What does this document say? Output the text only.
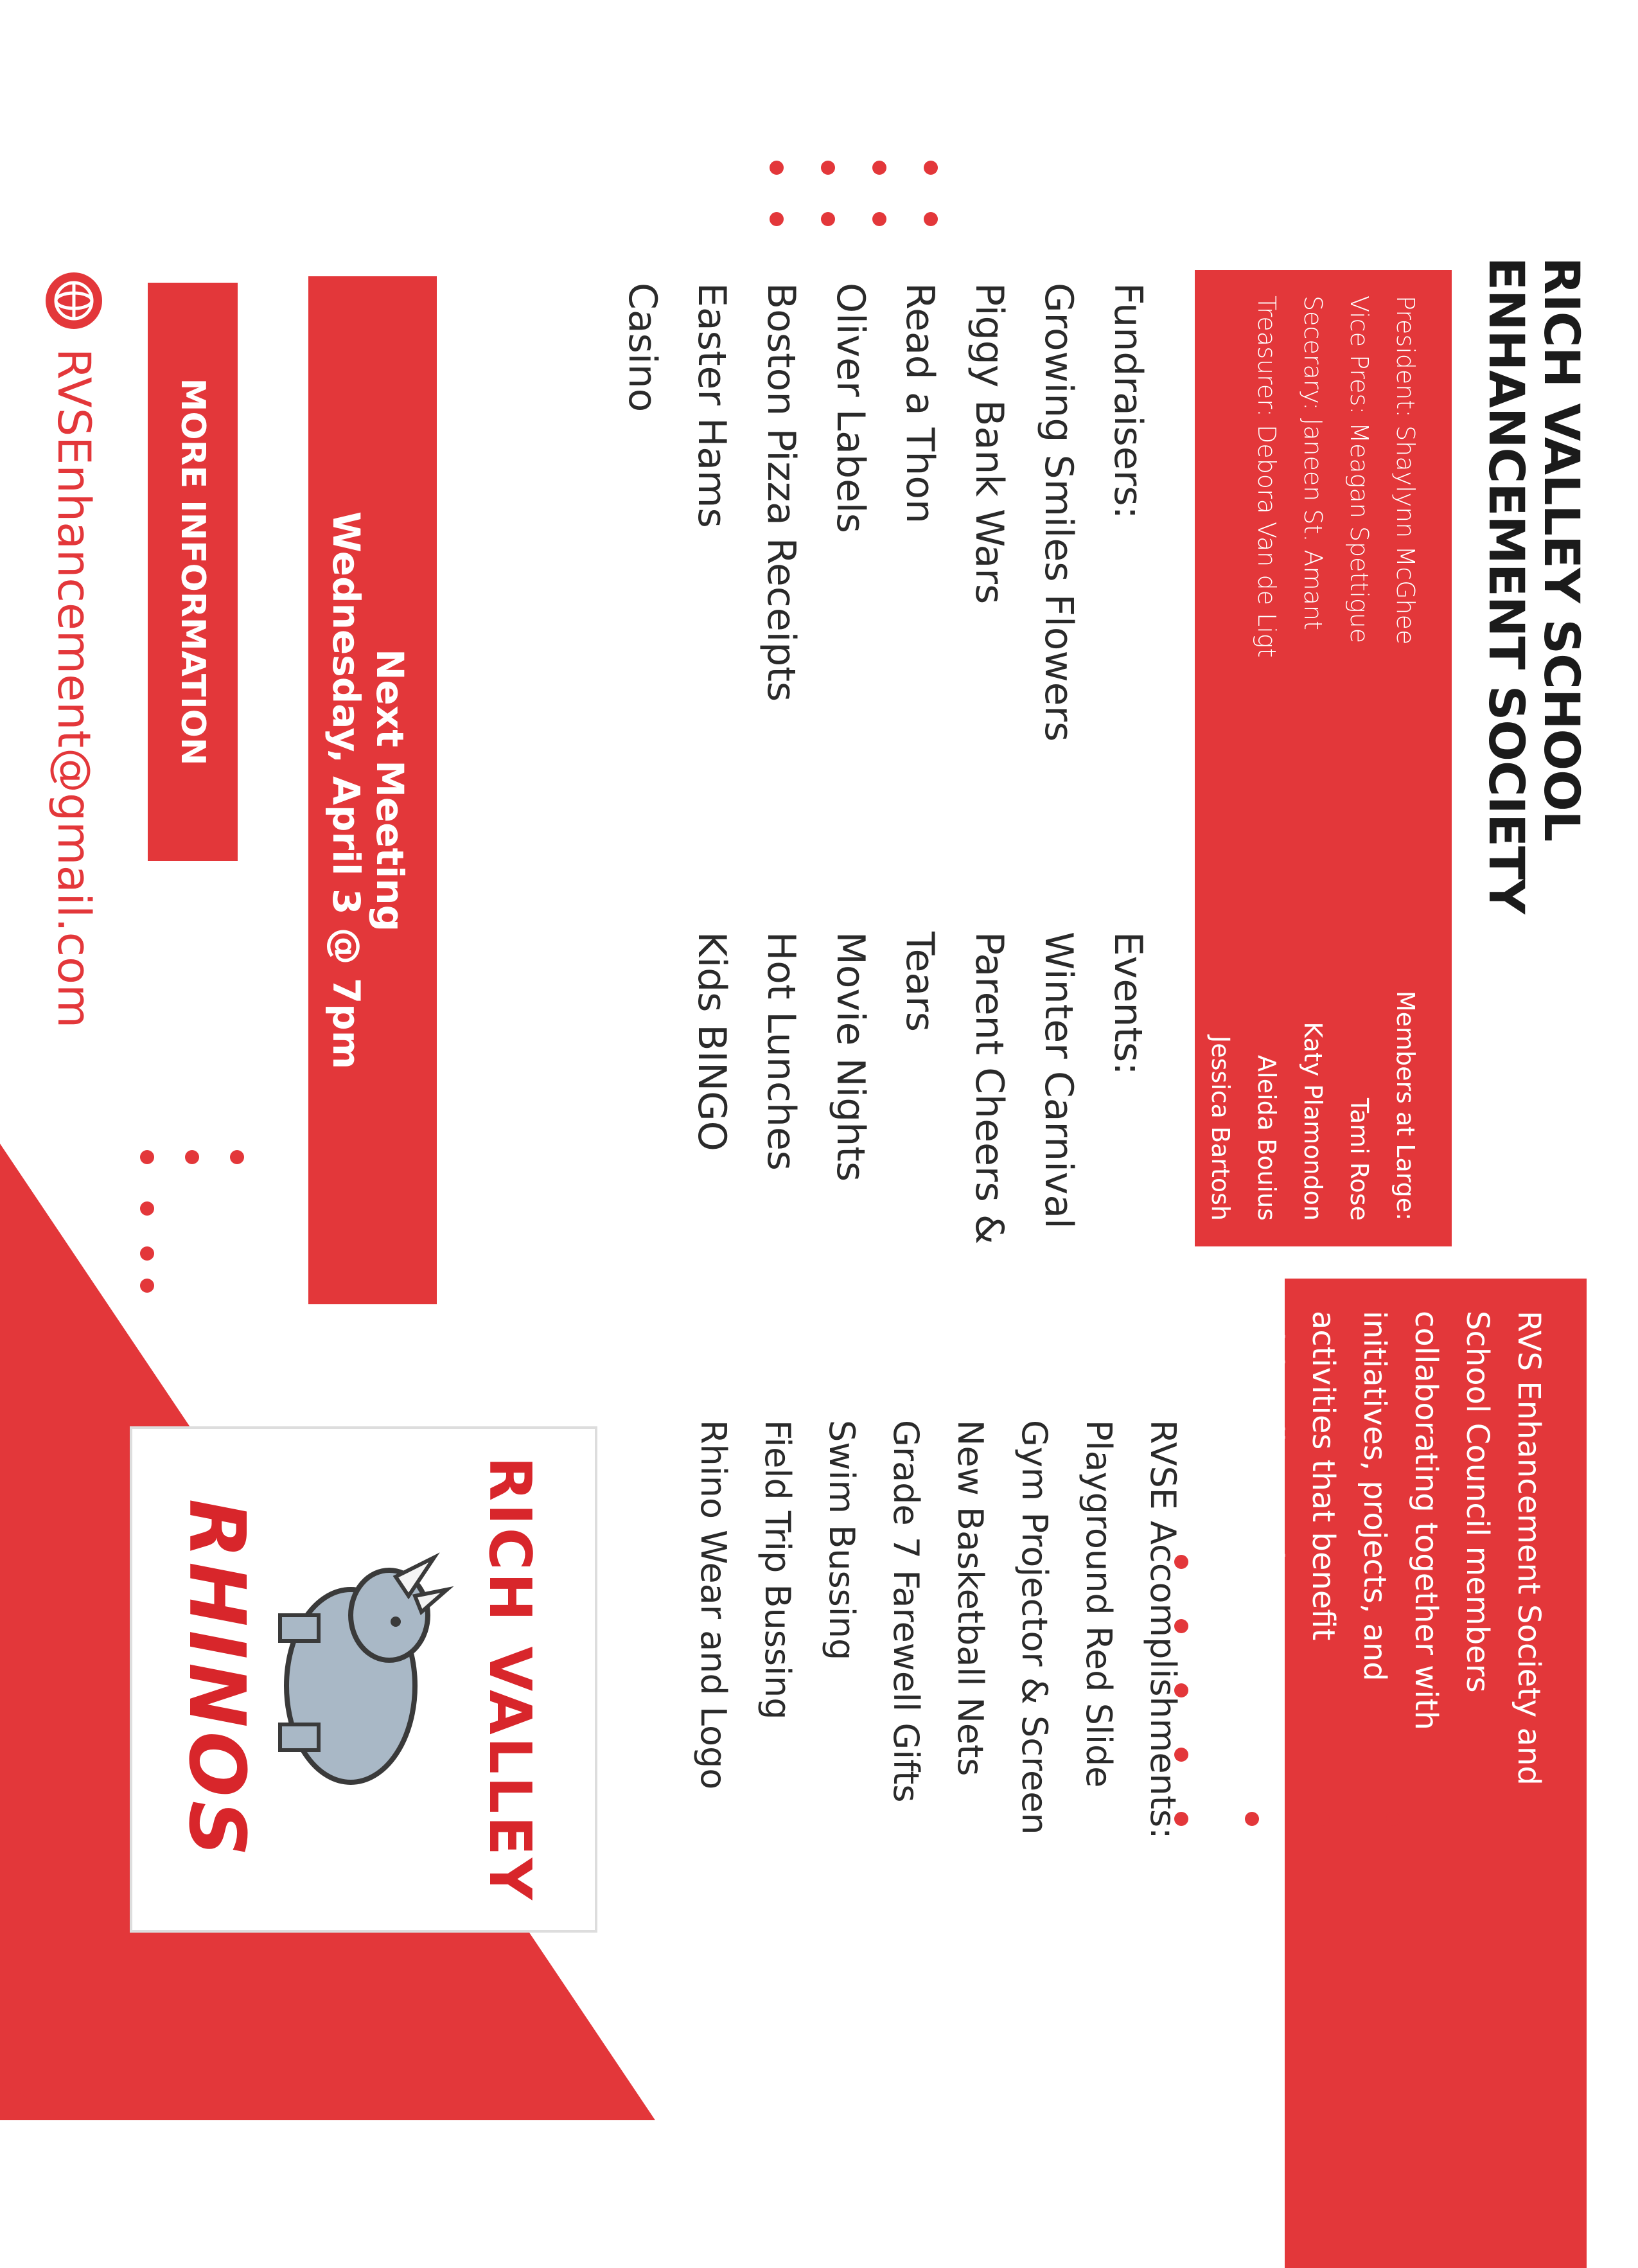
RICH VALLEY SCHOOL
ENHANCEMENT SOCIETY
President: Shaylynn McGhee
Vice Pres: Meagan Spettigue
Secerary: Janeen St. Amant
Treasurer: Debora Van de Ligt
Members at Large:
Tami Rose
Katy Plamondon
Aleida Bouius
Jessica Bartosh
RVS Enhancement Society and
School Council members
collaborating together with
initiatives, projects, and
activities that benefit
Rich Valley Students.
Fundraisers:
Growing Smiles Flowers
Piggy Bank Wars
Read a Thon
Oliver Labels
Boston Pizza Receipts
Easter Hams
Casino
Events:
Winter Carnival
Parent Cheers &
Tears
Movie Nights
Hot Lunches
Kids BINGO
RVSE Accomplishments:
Playground Red Slide
Gym Projector & Screen
New Basketball Nets
Grade 7 Farewell Gifts
Swim Bussing
Field Trip Bussing
Rhino Wear and Logo
Next Meeting
Wednesday, April 3 @ 7pm
MORE INFORMATION
RVSEnhancement@gmail.com
RICH VALLEY
RHINOS
